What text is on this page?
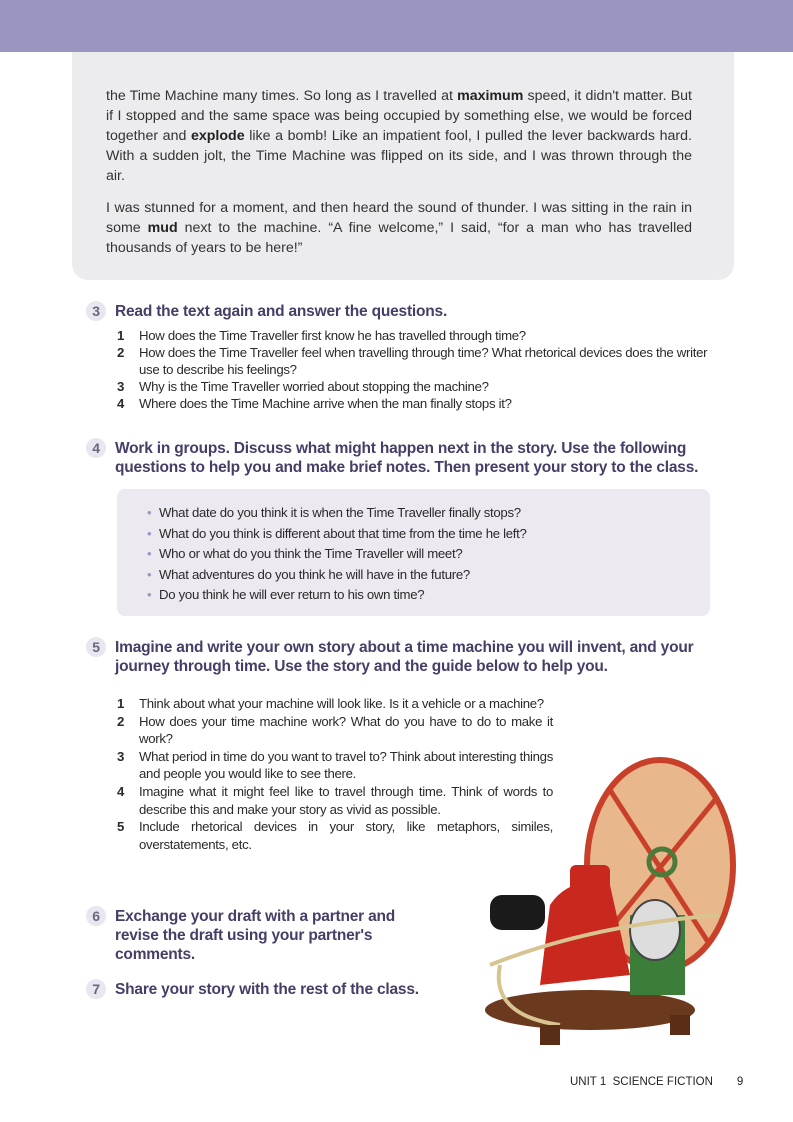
the Time Machine many times. So long as I travelled at maximum speed, it didn't matter. But if I stopped and the same space was being occupied by something else, we would be forced together and explode like a bomb! Like an impatient fool, I pulled the lever backwards hard. With a sudden jolt, the Time Machine was flipped on its side, and I was thrown through the air.

I was stunned for a moment, and then heard the sound of thunder. I was sitting in the rain in some mud next to the machine. “A fine welcome,” I said, “for a man who has travelled thousands of years to be here!”

3 Read the text again and answer the questions.
1	How does the Time Traveller first know he has travelled through time?
2	How does the Time Traveller feel when travelling through time? What rhetorical devices does the writer use to describe his feelings?
3	Why is the Time Traveller worried about stopping the machine?
4	Where does the Time Machine arrive when the man finally stops it?
4 Work in groups. Discuss what might happen next in the story. Use the following questions to help you and make brief notes. Then present your story to the class.
• What date do you think it is when the Time Traveller finally stops?
• What do you think is different about that time from the time he left?
• Who or what do you think the Time Traveller will meet?
• What adventures do you think he will have in the future?
• Do you think he will ever return to his own time?
5 Imagine and write your own story about a time machine you will invent, and your journey through time. Use the story and the guide below to help you.
1	Think about what your machine will look like. Is it a vehicle or a machine?
2	How does your time machine work? What do you have to do to make it work?
3	What period in time do you want to travel to? Think about interesting things and people you would like to see there.
4	Imagine what it might feel like to travel through time. Think of words to describe this and make your story as vivid as possible.
5	Include rhetorical devices in your story, like metaphors, similes, overstatements, etc.
6 Exchange your draft with a partner and revise the draft using your partner's comments.
7 Share your story with the rest of the class.
UNIT 1  SCIENCE FICTION 9
